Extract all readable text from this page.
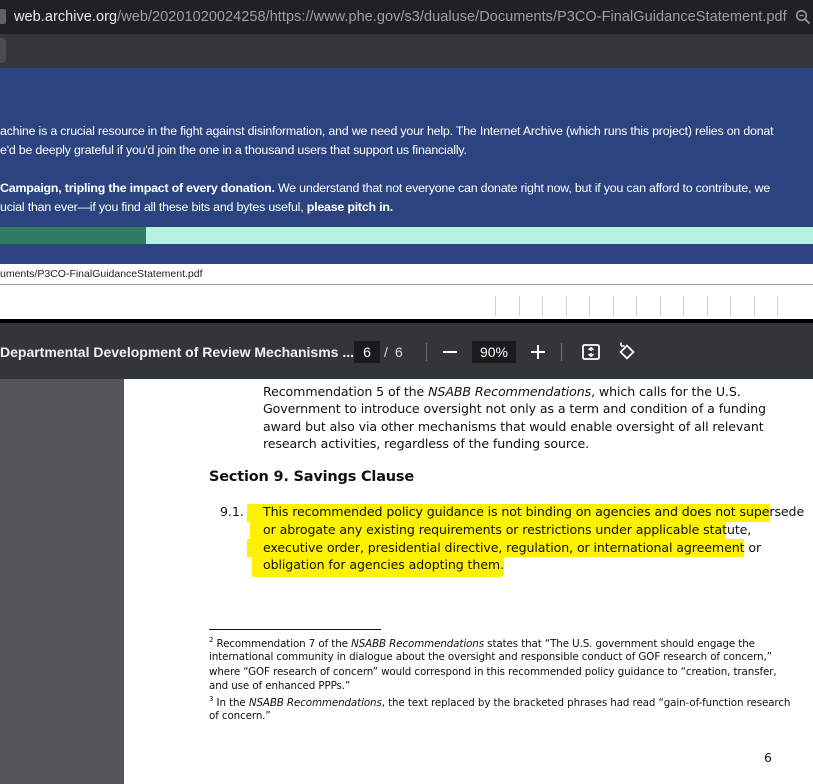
web.archive.org/web/20201020024258/https://www.phe.gov/s3/dualuse/Documents/P3CO-FinalGuidanceStatement.pdf
achine is a crucial resource in the fight against disinformation, and we need your help. The Internet Archive (which runs this project) relies on donat
e'd be deeply grateful if you'd join the one in a thousand users that support us financially.
Campaign, tripling the impact of every donation. We understand that not everyone can donate right now, but if you can afford to contribute, we
ucial than ever—if you find all these bits and bytes useful, please pitch in.
uments/P3CO-FinalGuidanceStatement.pdf
Departmental Development of Review Mechanisms ... 6 / 6	90%
Recommendation 5 of the NSABB Recommendations, which calls for the U.S.
Government to introduce oversight not only as a term and condition of a funding
award but also via other mechanisms that would enable oversight of all relevant
research activities, regardless of the funding source.
Section 9. Savings Clause
9.1. This recommended policy guidance is not binding on agencies and does not supersede
or abrogate any existing requirements or restrictions under applicable statute,
executive order, presidential directive, regulation, or international agreement or
obligation for agencies adopting them.
$^2$ Recommendation 7 of the NSABB Recommendations states that “The U.S. government should engage the
international community in dialogue about the oversight and responsible conduct of GOF research of concern,”
where “GOF research of concern” would correspond in this recommended policy guidance to “creation, transfer,
and use of enhanced PPPs.”
$^3$ In the NSABB Recommendations, the text replaced by the bracketed phrases had read “gain-of-function research
of concern.”
6
